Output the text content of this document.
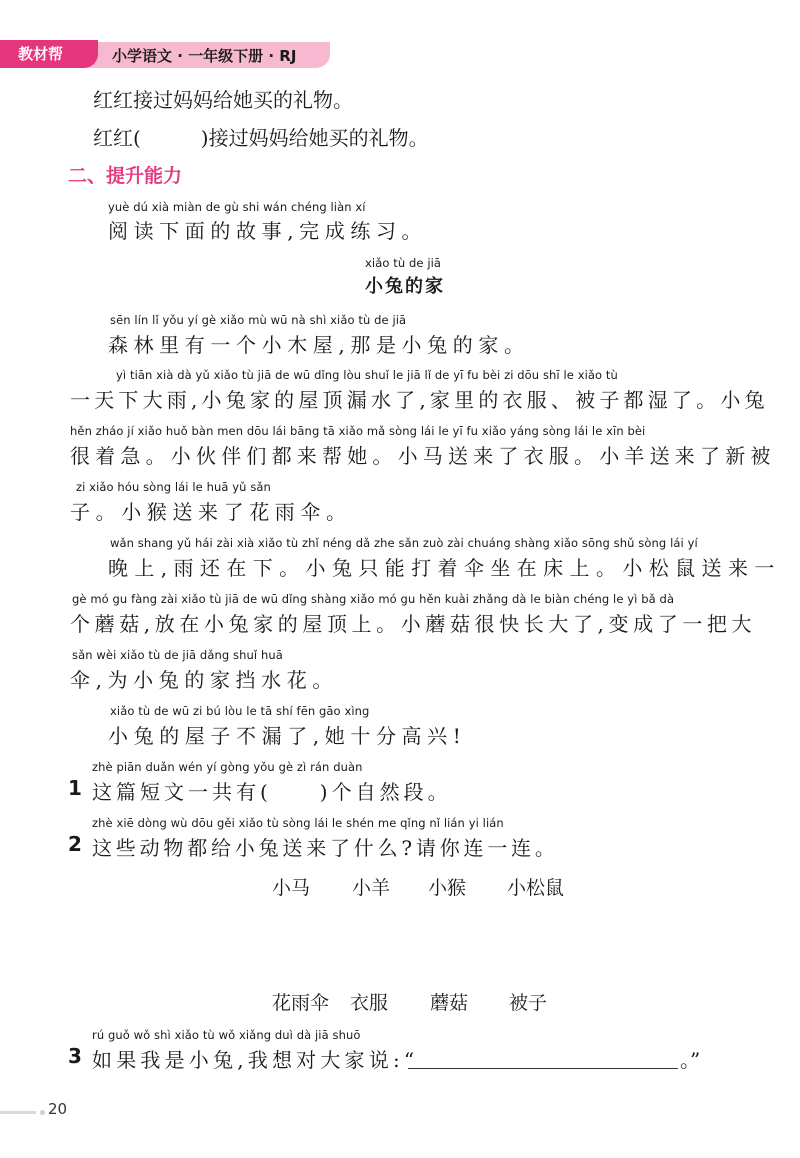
教材帮	小学语文 · 一年级下册 · RJ
红红接过妈妈给她买的礼物。
红红(　　　)接过妈妈给她买的礼物。
二、提升能力
yuè dú xià miàn de gù shi wán chéng liàn xí
阅读下面的故事,完成练习。
xiǎo tù de jiā
小兔的家
sēn lín lǐ yǒu yí gè xiǎo mù wū nà shì xiǎo tù de jiā
森林里有一个小木屋,那是小兔的家。
yì tiān xià dà yǔ xiǎo tù jiā de wū dǐng lòu shuǐ le jiā lǐ de yī fu bèi zi dōu shī le xiǎo tù
一天下大雨,小兔家的屋顶漏水了,家里的衣服、被子都湿了。小兔
hěn zháo jí xiǎo huǒ bàn men dōu lái bāng tā xiǎo mǎ sòng lái le yī fu xiǎo yáng sòng lái le xīn bèi
很着急。小伙伴们都来帮她。小马送来了衣服。小羊送来了新被
zi xiǎo hóu sòng lái le huā yǔ sǎn
子。小猴送来了花雨伞。
wǎn shang yǔ hái zài xià xiǎo tù zhǐ néng dǎ zhe sǎn zuò zài chuáng shàng xiǎo sōng shǔ sòng lái yí
晚上,雨还在下。小兔只能打着伞坐在床上。小松鼠送来一
gè mó gu fàng zài xiǎo tù jiā de wū dǐng shàng xiǎo mó gu hěn kuài zhǎng dà le biàn chéng le yì bǎ dà
个蘑菇,放在小兔家的屋顶上。小蘑菇很快长大了,变成了一把大
sǎn wèi xiǎo tù de jiā dǎng shuǐ huā
伞,为小兔的家挡水花。
xiǎo tù de wū zi bú lòu le tā shí fēn gāo xìng
小兔的屋子不漏了,她十分高兴!
zhè piān duǎn wén yí gòng yǒu gè zì rán duàn
1 这篇短文一共有(　　)个自然段。
zhè xiē dòng wù dōu gěi xiǎo tù sòng lái le shén me qǐng nǐ lián yi lián
2 这些动物都给小兔送来了什么?请你连一连。
小马 小羊 小猴 小松鼠
花雨伞 衣服 蘑菇 被子
rú guǒ wǒ shì xiǎo tù wǒ xiǎng duì dà jiā shuō
3 如果我是小兔,我想对大家说:“	。”
20
